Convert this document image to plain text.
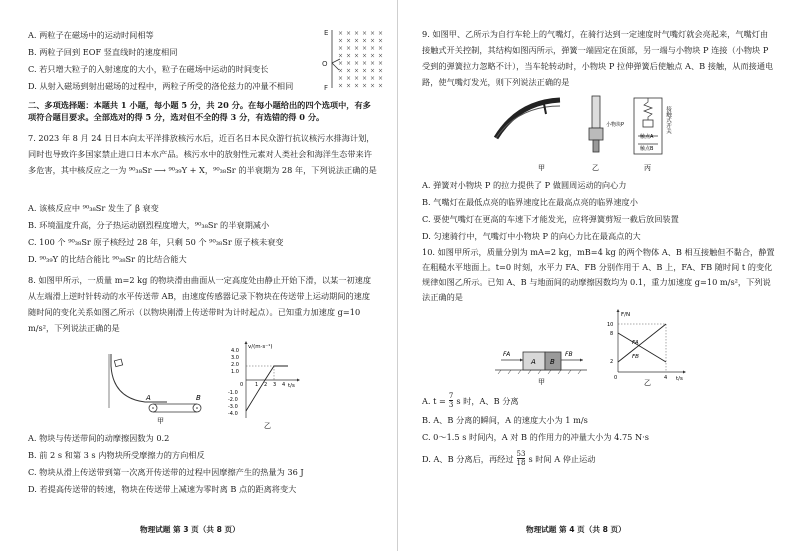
A. 两粒子在磁场中的运动时间相等
B. 两粒子回到 EOF 竖直线时的速度相同
C. 若只增大粒子的入射速度的大小，粒子在磁场中运动的时间变长
D. 从射入磁场到射出磁场的过程中，两粒子所受的洛伦兹力的冲量不相同
E
O
F
× × × × × ×
× × × × × ×
× × × × × ×
× × × × × ×
× × × × × ×
× × × × × ×
× × × × × ×
× × × × × ×
二、多项选择题：本题共 1 小题，每小题 5 分，共 20 分。在每小题给出的四个选项中，有多项符合题目要求。全部选对的得 5 分，选对但不全的得 3 分，有选错的得 0 分。
7. 2023 年 8 月 24 日日本向太平洋排放核污水后，近百名日本民众游行抗议核污水排海计划，同时也导致许多国家禁止进口日本水产品。核污水中的放射性元素对人类社会和海洋生态带来许多危害，其中核反应之一为 ⁹⁰₃₈Sr ⟶ ⁹⁰₃₉Y + X，⁹⁰₃₈Sr 的半衰期为 28 年，下列说法正确的是
A. 该核反应中 ⁹⁰₃₈Sr 发生了 β 衰变
B. 环境温度升高，分子热运动剧烈程度增大，⁹⁰₃₈Sr 的半衰期减小
C. 100 个 ⁹⁰₃₈Sr 原子核经过 28 年，只剩 50 个 ⁹⁰₃₈Sr 原子核未衰变
D. ⁹⁰₃₉Y 的比结合能比 ⁹⁰₃₈Sr 的比结合能大
8. 如图甲所示，一质量 m=2 kg 的物块滑由曲面从一定高度处由静止开始下滑，以某一初速度从左端滑上逆时针转动的水平传送带 AB，由速度传感器记录下物块在传送带上运动期间的速度随时间的变化关系如图乙所示（以物块刚滑上传送带时为计时起点）。已知重力加速度 g=10 m/s²，下列说法正确的是
A	B
甲
v/(m·s⁻¹)
t/s
4.0
3.0
2.0
1.0
0
-1.0
-2.0
-3.0
-4.0
1 2 3 4
乙
A. 物块与传送带间的动摩擦因数为 0.2
B. 前 2 s 和第 3 s 内物块所受摩擦力的方向相反
C. 物块从滑上传送带到第一次离开传送带的过程中因摩擦产生的热量为 36 J
D. 若提高传送带的转速，物块在传送带上减速为零时离 B 点的距离将变大
物理试题 第 3 页（共 8 页）
9. 如图甲、乙所示为自行车轮上的气嘴灯，在骑行达到一定速度时气嘴灯就会亮起来，气嘴灯由接触式开关控制，其结构如图丙所示，弹簧一端固定在顶部，另一端与小物块 P 连接（小物块 P 受到的弹簧拉力忽略不计），当车轮转动时，小物块 P 拉伸弹簧后使触点 A、B 接触，从而接通电路，使气嘴灯发光，则下列说法正确的是
甲	乙
小物块P
触点A
触点B
接触式开关
丙
A. 弹簧对小物块 P 的拉力提供了 P 做圆周运动的向心力
B. 气嘴灯在最低点亮的临界速度比在最高点亮的临界速度小
C. 要使气嘴灯在更高的车速下才能发光，应将弹簧剪短一截后放回装置
D. 匀速骑行中，气嘴灯中小物块 P 的向心力比在最高点的大
10. 如图甲所示，质量分别为 mA=2 kg，mB=4 kg 的两个物体 A、B 相互接触但不黏合，静置在粗糙水平地面上。t=0 时刻，水平力 FA、FB 分别作用于 A、B 上，FA、FB 随时间 t 的变化规律如图乙所示。已知 A、B 与地面间的动摩擦因数均为 0.1，重力加速度 g=10 m/s²，下列说法正确的是
A B
FA	FB
甲
F/N
t/s
10
8
2
0	4
FA
FB
乙
A. $t = \frac{7}{3}$ s 时，A、B 分离
B. A、B 分离的瞬间，A 的速度大小为 1 m/s
C. 0～1.5 s 时间内，A 对 B 的作用力的冲量大小为 4.75 N·s
D. A、B 分离后，再经过 $\frac{53}{18}$ s 时间 A 停止运动
物理试题 第 4 页（共 8 页）
